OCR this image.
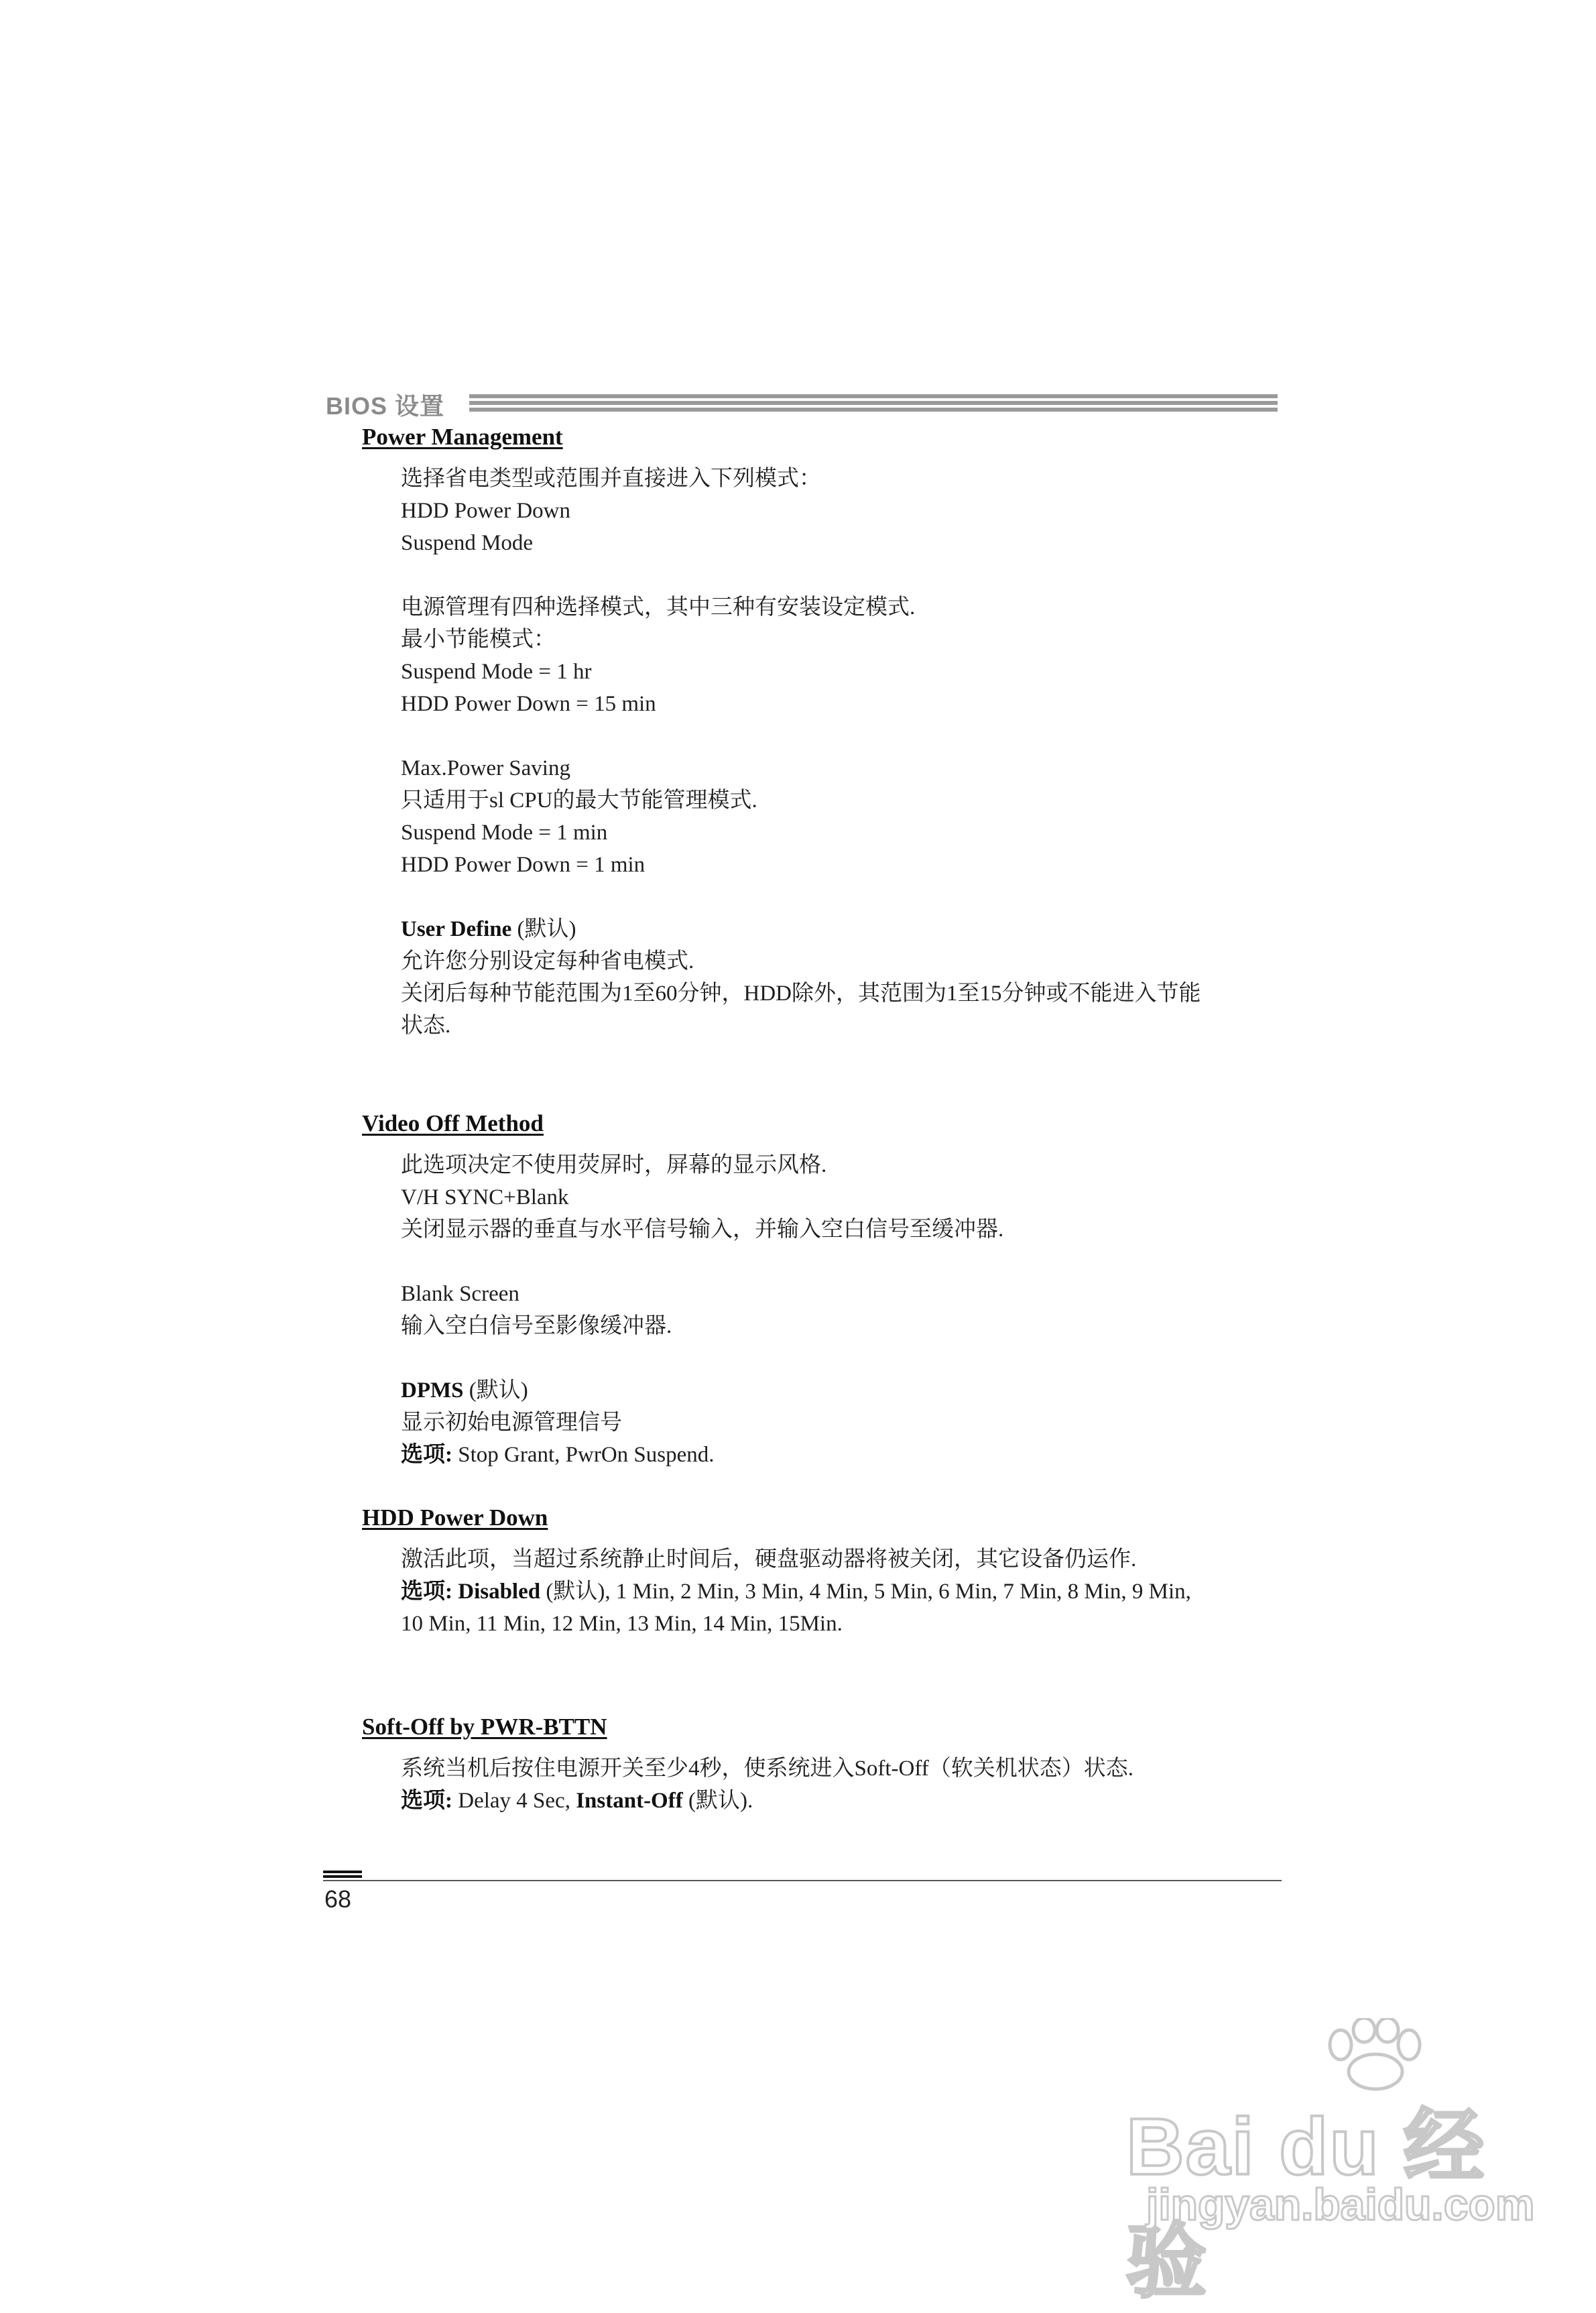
BIOS 设置
Power Management
选择省电类型或范围并直接进入下列模式：
HDD Power Down
Suspend Mode
电源管理有四种选择模式，其中三种有安装设定模式.
最小节能模式：
Suspend Mode = 1 hr
HDD Power Down = 15 min
Max.Power Saving
只适用于sl CPU的最大节能管理模式.
Suspend Mode = 1 min
HDD Power Down = 1 min
User Define (默认)
允许您分别设定每种省电模式.
关闭后每种节能范围为1至60分钟，HDD除外，其范围为1至15分钟或不能进入节能
状态.
Video Off Method
此选项决定不使用荧屏时，屏幕的显示风格.
V/H SYNC+Blank
关闭显示器的垂直与水平信号输入，并输入空白信号至缓冲器.
Blank Screen
输入空白信号至影像缓冲器.
DPMS (默认)
显示初始电源管理信号
选项: Stop Grant, PwrOn Suspend.
HDD Power Down
激活此项，当超过系统静止时间后，硬盘驱动器将被关闭，其它设备仍运作.
选项: Disabled (默认), 1 Min, 2 Min, 3 Min, 4 Min, 5 Min, 6 Min, 7 Min, 8 Min, 9 Min,
10 Min, 11 Min, 12 Min, 13 Min, 14 Min, 15Min.
Soft-Off by PWR-BTTN
系统当机后按住电源开关至少4秒，使系统进入Soft-Off（软关机状态）状态.
选项: Delay 4 Sec, Instant-Off (默认).
68
Bai du 经验
jingyan.baidu.com
